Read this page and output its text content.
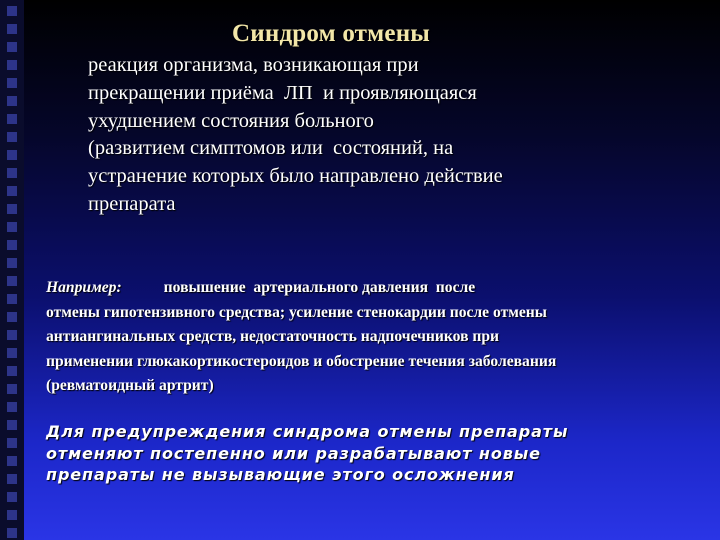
Синдром отмены
реакция организма, возникающая при
прекращении приёма  ЛП  и проявляющаяся
ухудшением состояния больного
(развитием симптомов или  состояний, на
устранение которых было направлено действие
препарата
Например:	повышение  артериального давления  после
отмены гипотензивного средства; усиление стенокардии после отмены
антиангинальных средств, недостаточность надпочечников при
применении глюкакортикостероидов и обострение течения заболевания
(ревматоидный артрит)
Для предупреждения синдрома отмены препараты
отменяют постепенно или разрабатывают новые
препараты не вызывающие этого осложнения
